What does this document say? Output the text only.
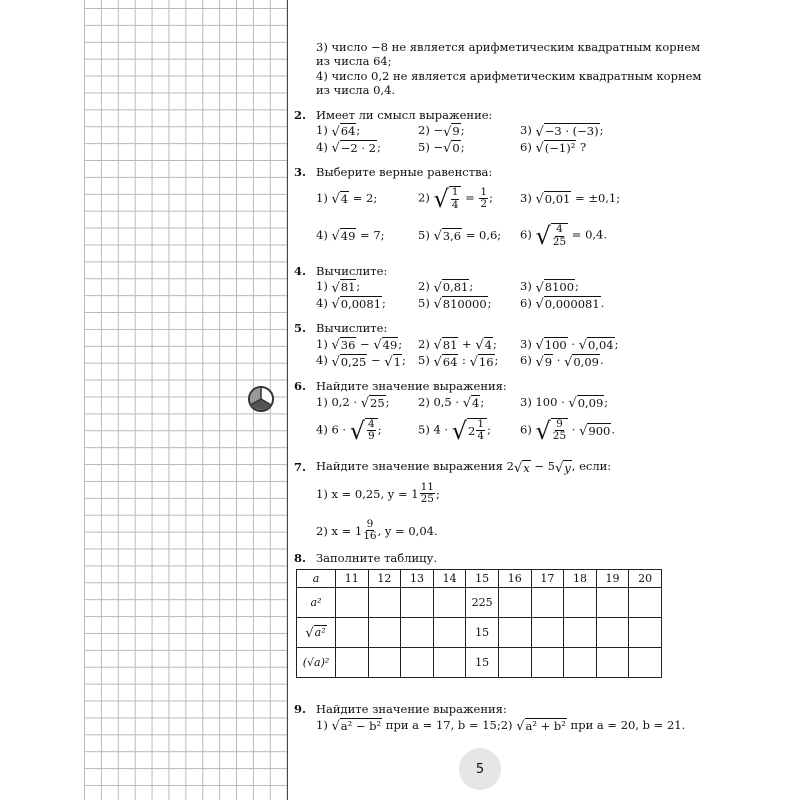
3) число −8 не является арифметическим квадратным корнем
из числа 64;
4) число 0,2 не является арифметическим квадратным корнем
из числа 0,4.
2. Имеет ли смысл выражение:
1) √ 64 ;	2) − √ 9 ;	3) √ −3 · (−3) ;
4) √ −2 · 2 ;	5) − √ 0 ;	6) √ (−1)² ?
3. Выберите верные равенства:
1) √ 4 = 2;	2) √ $\frac{1}{4} = \frac{1}{2}$ ;	3) √ 0,01 = ±0,1;
4) √ 49 = 7;	5) √ 3,6 = 0,6;	6) √ $\frac{4}{25} = 0,4$.
4. Вычислите:
1) √ 81 ;	2) √ 0,81 ;	3) √ 8100 ;
4) √ 0,0081 ;	5) √ 810000 ;	6) √ 0,000081 .
5. Вычислите:
1) √ 36 − √ 49 ;	2) √ 81 + √ 4 ;	3) √ 100 · √ 0,04 ;
4) √ 0,25 − √ 1 ;	5) √ 64 : √ 16 ;	6) √ 9 · √ 0,09 .
6. Найдите значение выражения:
1) 0,2 · √ 25 ;	2) 0,5 · √ 4 ;	3) 100 · √ 0,09 ;
4) 6 · √ $\frac{4}{9}$ ;	5) 4 · √ $2 \frac{1}{4}$ ;	6) √ $\frac{9}{25}$ · √ 900 .
7. Найдите значение выражения 2 √ x − 5 √ y , если:
1) x = 0,25, $y = 1 \frac{11}{25}$ ;
2) $x = 1 \frac{9}{16}$ , y = 0,04.
8. Заполните таблицу.
a	11	12	13	14	15	16	17	18	19	20
a²					225					

√ a²					15					
(√a)²					15					
9. Найдите значение выражения:
1) √ a² − b² при a = 17, b = 15; 2) √ a² + b² при a = 20, b = 21.
5
